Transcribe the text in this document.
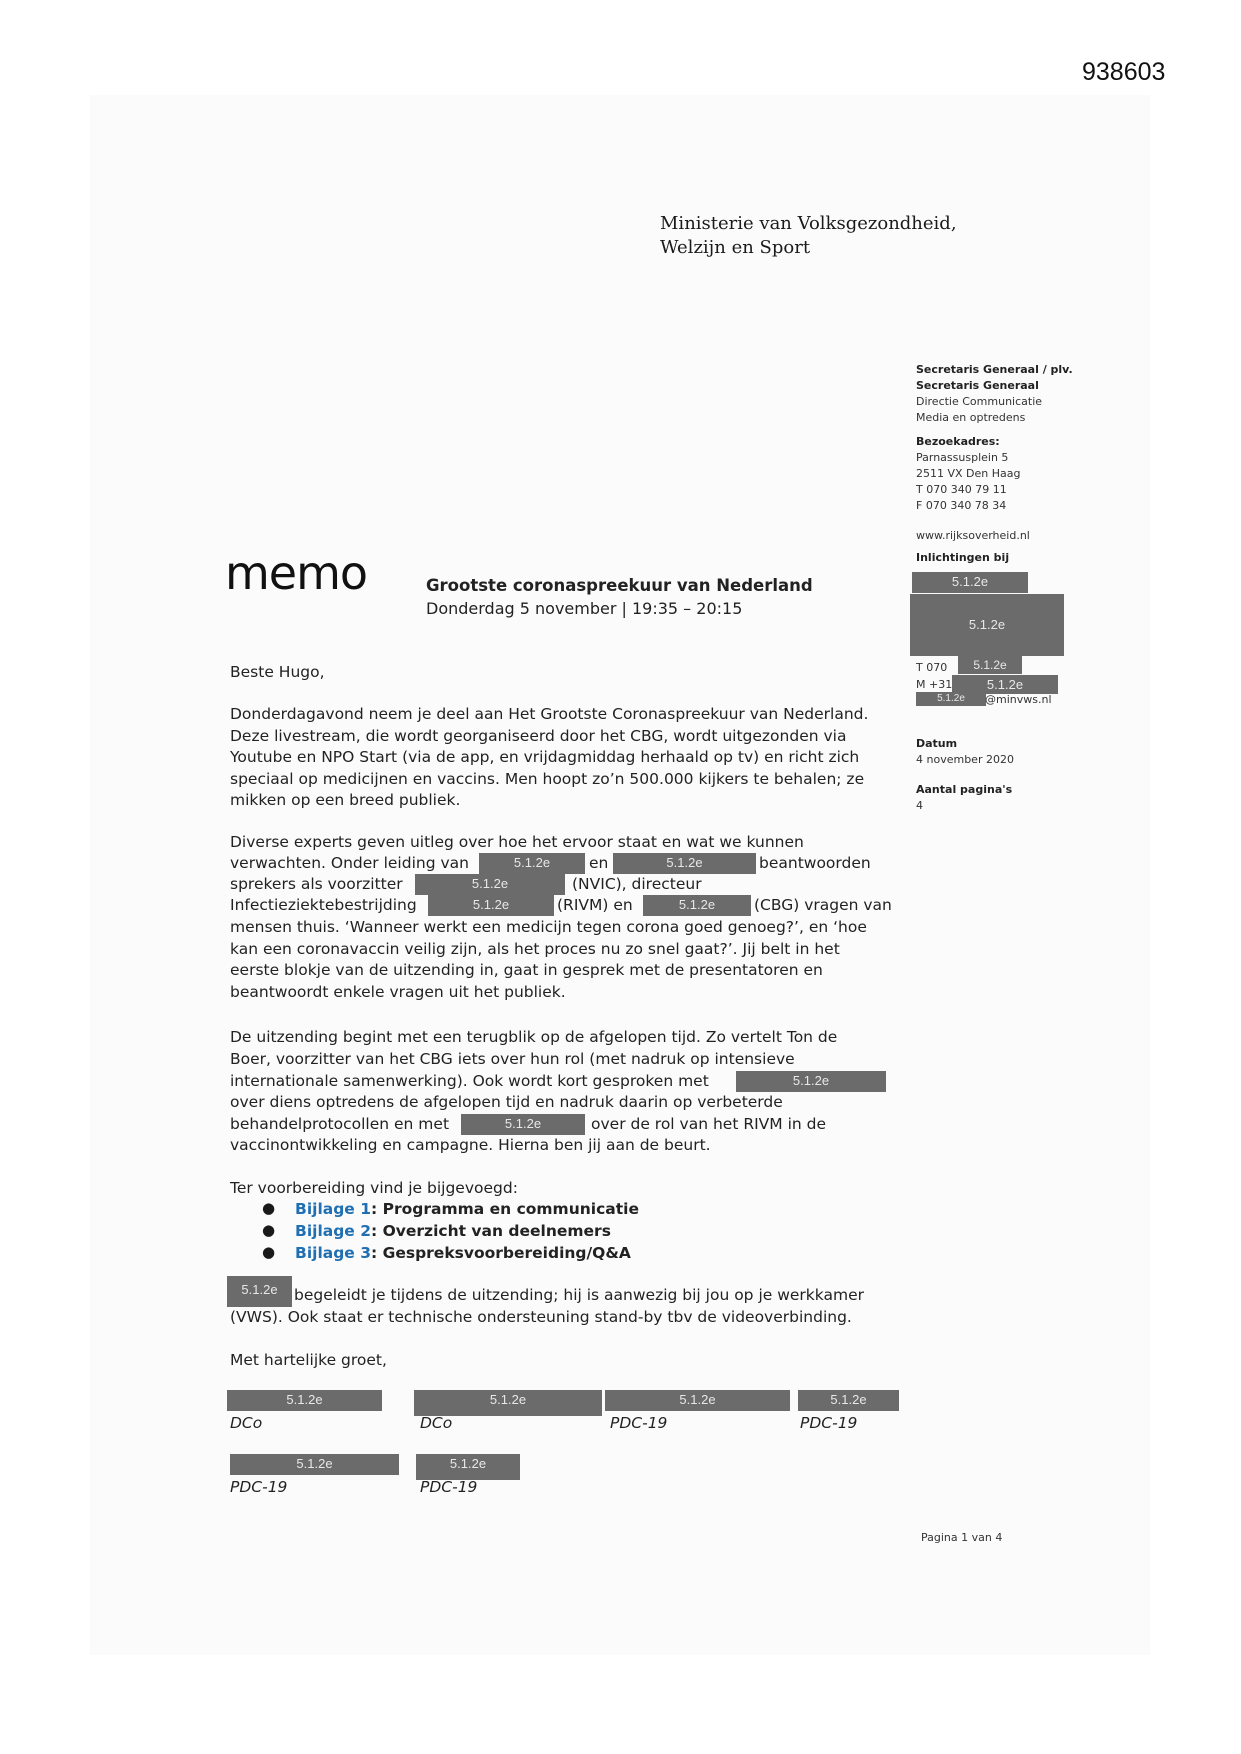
938603
Ministerie van Volksgezondheid,
Welzijn en Sport
Secretaris Generaal / plv.
Secretaris Generaal
Directie Communicatie
Media en optredens
Bezoekadres:
Parnassusplein 5
2511 VX Den Haag
T 070 340 79 11
F 070 340 78 34
www.rijksoverheid.nl
Inlichtingen bij
5.1.2e
5.1.2e
T 070	5.1.2e
M +31	5.1.2e
5.1.2e	@minvws.nl
Datum
4 november 2020
Aantal pagina's
4
memo	Grootste coronaspreekuur van Nederland
Donderdag 5 november | 19:35 – 20:15
Beste Hugo,
Donderdagavond neem je deel aan Het Grootste Coronaspreekuur van Nederland.
Deze livestream, die wordt georganiseerd door het CBG, wordt uitgezonden via
Youtube en NPO Start (via de app, en vrijdagmiddag herhaald op tv) en richt zich
speciaal op medicijnen en vaccins. Men hoopt zo’n 500.000 kijkers te behalen; ze
mikken op een breed publiek.
Diverse experts geven uitleg over hoe het ervoor staat en wat we kunnen
verwachten. Onder leiding van	5.1.2e	en	5.1.2e	beantwoorden
sprekers als voorzitter	5.1.2e	(NVIC), directeur
Infectieziektebestrijding	5.1.2e	(RIVM) en	5.1.2e	(CBG) vragen van
mensen thuis. ‘Wanneer werkt een medicijn tegen corona goed genoeg?’, en ‘hoe
kan een coronavaccin veilig zijn, als het proces nu zo snel gaat?’. Jij belt in het
eerste blokje van de uitzending in, gaat in gesprek met de presentatoren en
beantwoordt enkele vragen uit het publiek.
De uitzending begint met een terugblik op de afgelopen tijd. Zo vertelt Ton de
Boer, voorzitter van het CBG iets over hun rol (met nadruk op intensieve
internationale samenwerking). Ook wordt kort gesproken met	5.1.2e
over diens optredens de afgelopen tijd en nadruk daarin op verbeterde
behandelprotocollen en met	5.1.2e	over de rol van het RIVM in de
vaccinontwikkeling en campagne. Hierna ben jij aan de beurt.
Ter voorbereiding vind je bijgevoegd:
● Bijlage 1: Programma en communicatie
● Bijlage 2: Overzicht van deelnemers
● Bijlage 3: Gespreksvoorbereiding/Q&A
5.1.2e	begeleidt je tijdens de uitzending; hij is aanwezig bij jou op je werkkamer
(VWS). Ook staat er technische ondersteuning stand-by tbv de videoverbinding.
Met hartelijke groet,
5.1.2e
DCo
5.1.2e
DCo
5.1.2e
PDC-19
5.1.2e
PDC-19
5.1.2e
PDC-19
5.1.2e
PDC-19
Pagina 1 van 4
